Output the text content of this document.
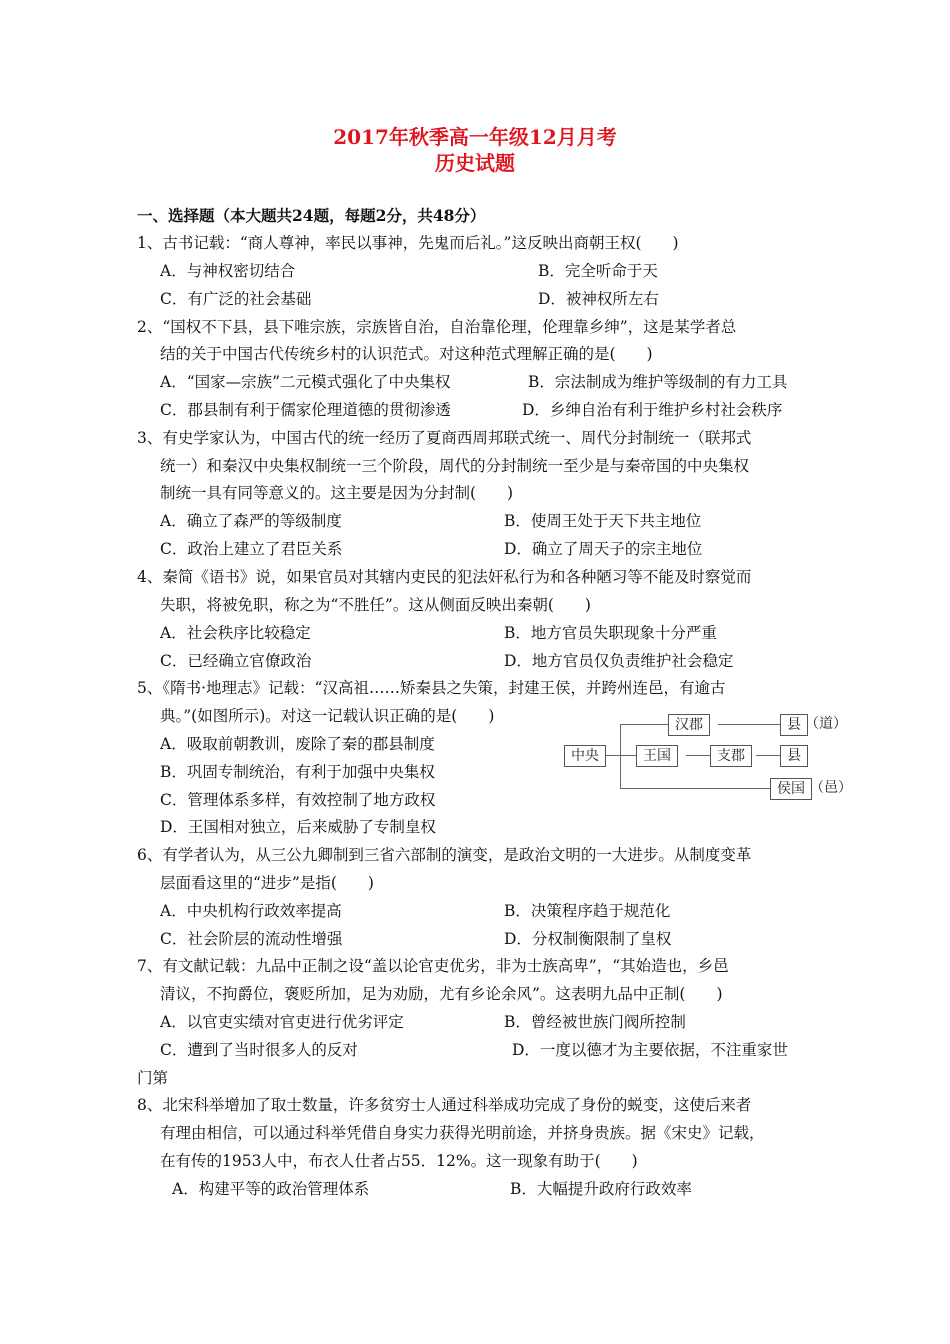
2017年秋季高一年级12月月考
历史试题
一、选择题（本大题共24题，每题2分，共48分）
1、古书记载：“商人尊神，率民以事神，先鬼而后礼。”这反映出商朝王权(　　)
A．与神权密切结合	B．完全听命于天
C．有广泛的社会基础	D．被神权所左右
2、“国权不下县，县下唯宗族，宗族皆自治，自治靠伦理，伦理靠乡绅”，这是某学者总
结的关于中国古代传统乡村的认识范式。对这种范式理解正确的是(　　)
A．“国家—宗族”二元模式强化了中央集权	B．宗法制成为维护等级制的有力工具
C．郡县制有利于儒家伦理道德的贯彻渗透	D．乡绅自治有利于维护乡村社会秩序
3、有史学家认为，中国古代的统一经历了夏商西周邦联式统一、周代分封制统一（联邦式
统一）和秦汉中央集权制统一三个阶段，周代的分封制统一至少是与秦帝国的中央集权
制统一具有同等意义的。这主要是因为分封制(　　)
A．确立了森严的等级制度	B．使周王处于天下共主地位
C．政治上建立了君臣关系	D．确立了周天子的宗主地位
4、秦简《语书》说，如果官员对其辖内吏民的犯法奸私行为和各种陋习等不能及时察觉而
失职，将被免职，称之为“不胜任”。这从侧面反映出秦朝(　　)
A．社会秩序比较稳定	B．地方官员失职现象十分严重
C．已经确立官僚政治	D．地方官员仅负责维护社会稳定
5、《隋书·地理志》记载：“汉高祖……矫秦县之失策，封建王侯，并跨州连邑，有逾古
典。”(如图所示)。对这一记载认识正确的是(　　)
A．吸取前朝教训，废除了秦的郡县制度
B．巩固专制统治，有利于加强中央集权
C．管理体系多样，有效控制了地方政权
D．王国相对独立，后来威胁了专制皇权
中央
汉郡
王国	支郡
县 （道）
县
侯国 （邑）
6、有学者认为，从三公九卿制到三省六部制的演变，是政治文明的一大进步。从制度变革
层面看这里的“进步”是指(　　)
A．中央机构行政效率提高	B．决策程序趋于规范化
C．社会阶层的流动性增强	D．分权制衡限制了皇权
7、有文献记载：九品中正制之设“盖以论官吏优劣，非为士族高卑”，“其始造也，乡邑
清议，不拘爵位，褒贬所加，足为劝励，尤有乡论余风”。这表明九品中正制(　　)
A．以官吏实绩对官吏进行优劣评定	B．曾经被世族门阀所控制
C．遭到了当时很多人的反对	D．一度以德才为主要依据，不注重家世
门第
8、北宋科举增加了取士数量，许多贫穷士人通过科举成功完成了身份的蜕变，这使后来者
有理由相信，可以通过科举凭借自身实力获得光明前途，并挤身贵族。据《宋史》记载，
在有传的1953人中，布衣人仕者占55．12%。这一现象有助于(　　)
A．构建平等的政治管理体系	B．大幅提升政府行政效率
